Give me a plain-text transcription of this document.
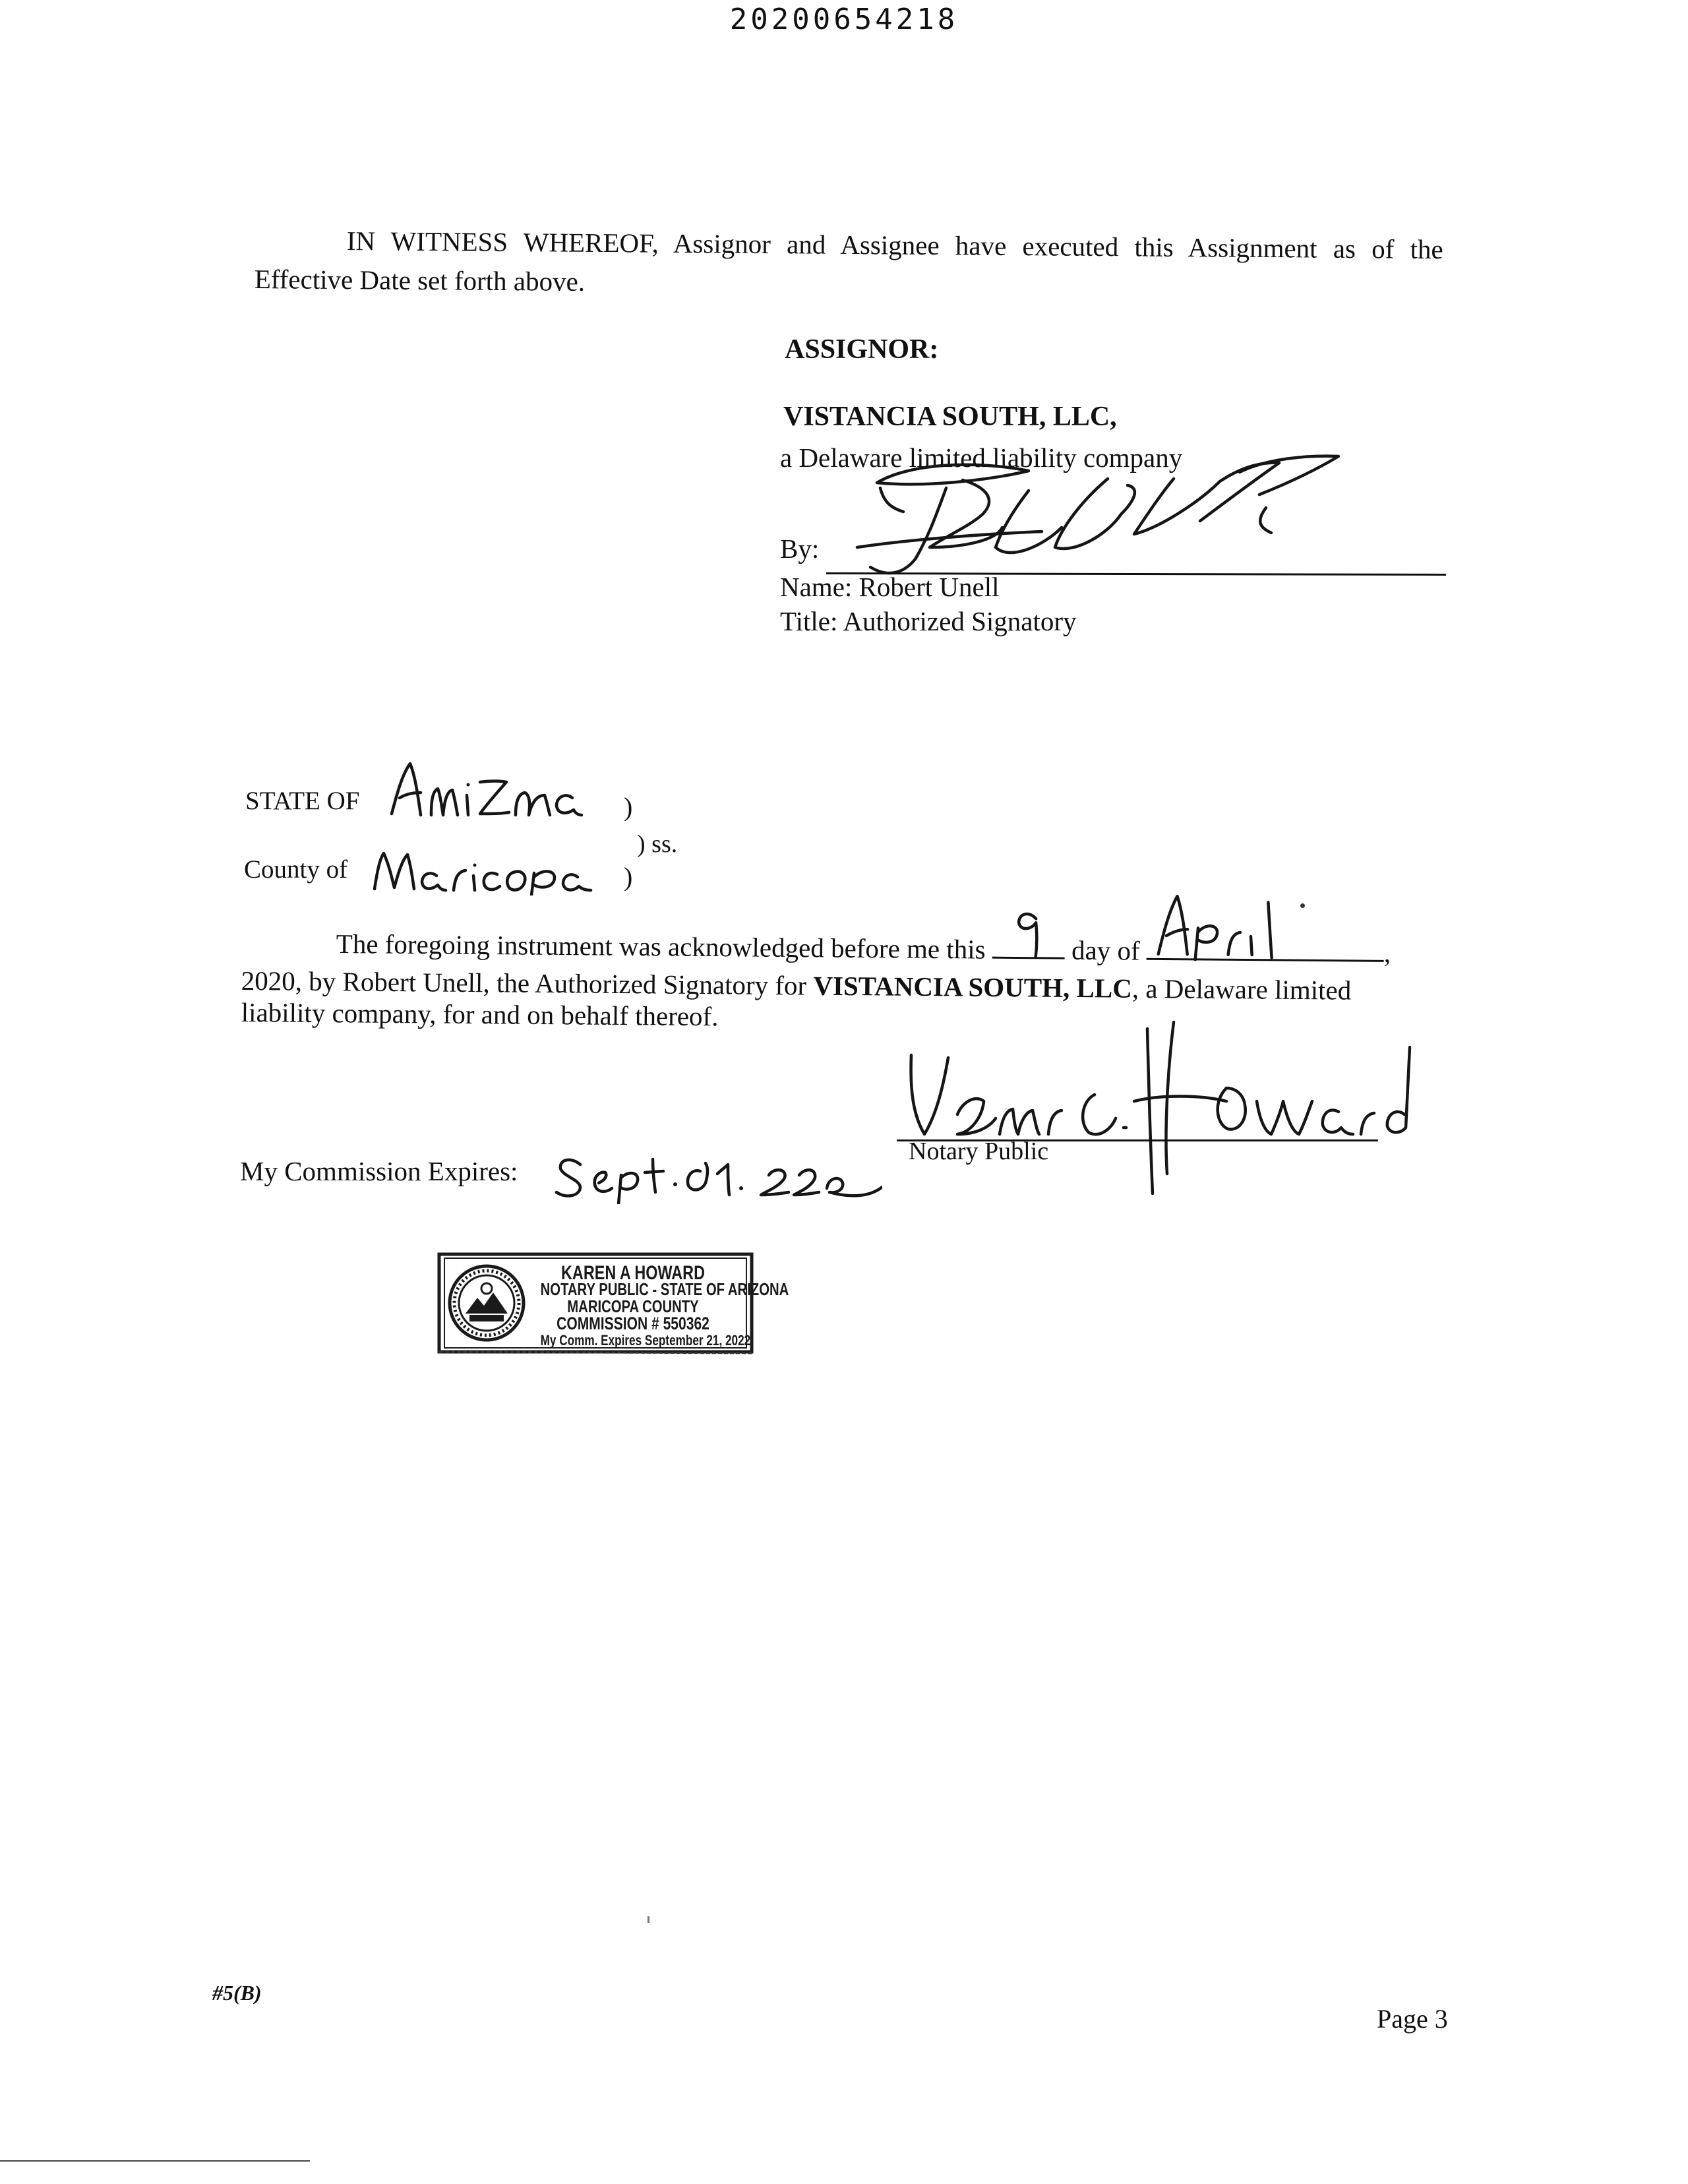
20200654218
IN WITNESS WHEREOF, Assignor and Assignee have executed this Assignment as of the
Effective Date set forth above.
ASSIGNOR:
VISTANCIA SOUTH, LLC,
a Delaware limited liability company
By:
Name: Robert Unell
Title: Authorized Signatory
STATE OF
County of
)
) ss.
)
The foregoing instrument was acknowledged before me this	day of	,
2020, by Robert Unell, the Authorized Signatory for VISTANCIA SOUTH, LLC, a Delaware limited
liability company, for and on behalf thereof.
Notary Public
My Commission Expires:
KAREN A HOWARD
NOTARY PUBLIC - STATE OF ARIZONA
MARICOPA COUNTY
COMMISSION # 550362
My Comm. Expires September 21, 2022
#5(B)
Page 3
